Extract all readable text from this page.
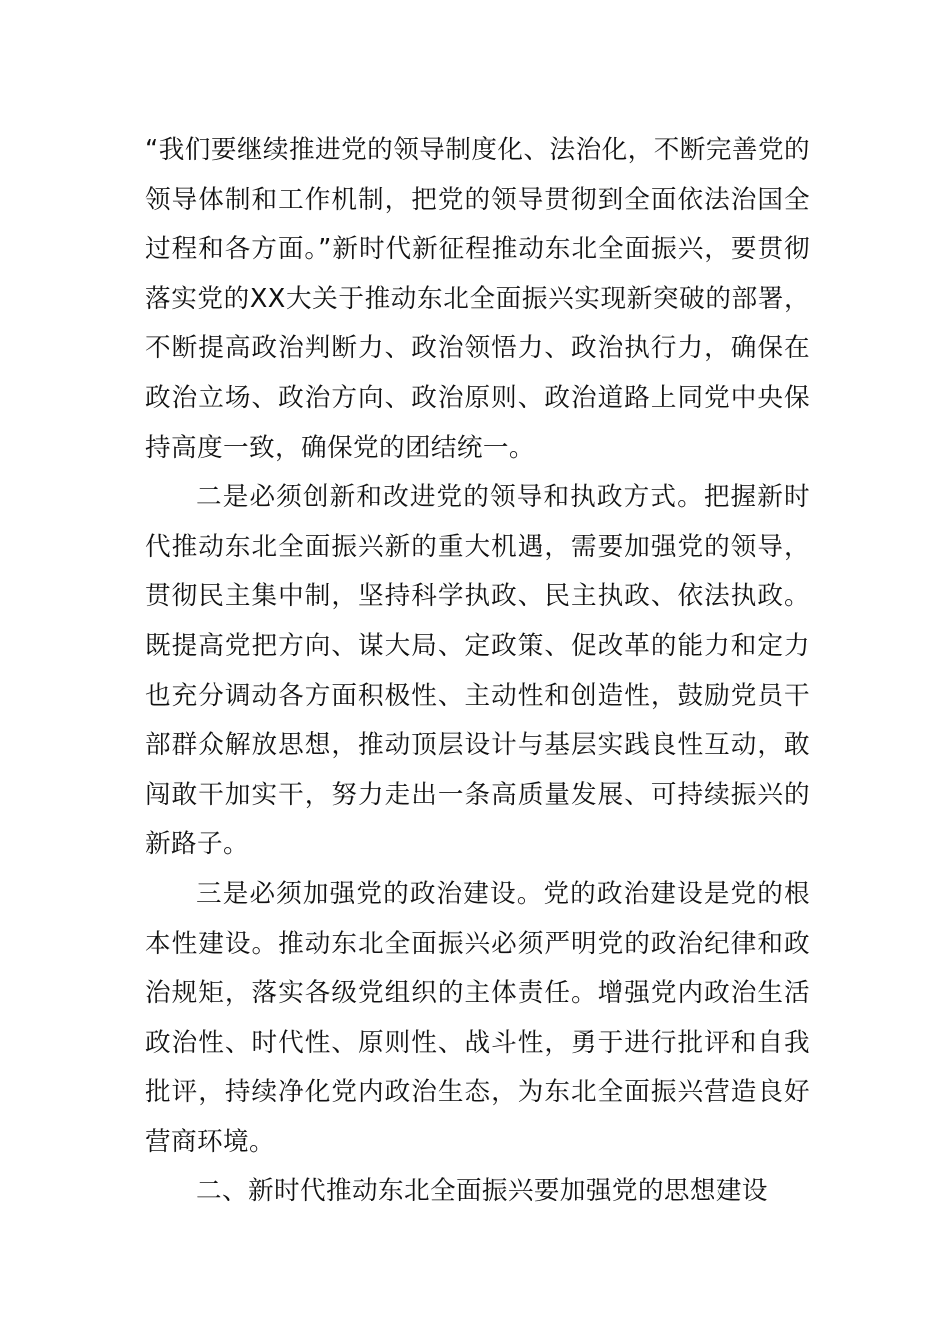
“我们要继续推进党的领导制度化、法治化，不断完善党的领导体制和工作机制，把党的领导贯彻到全面依法治国全过程和各方面。”新时代新征程推动东北全面振兴，要贯彻落实党的XX大关于推动东北全面振兴实现新突破的部署，不断提高政治判断力、政治领悟力、政治执行力，确保在政治立场、政治方向、政治原则、政治道路上同党中央保持高度一致，确保党的团结统一。

二是必须创新和改进党的领导和执政方式。把握新时代推动东北全面振兴新的重大机遇，需要加强党的领导，贯彻民主集中制，坚持科学执政、民主执政、依法执政。既提高党把方向、谋大局、定政策、促改革的能力和定力也充分调动各方面积极性、主动性和创造性，鼓励党员干部群众解放思想，推动顶层设计与基层实践良性互动，敢闯敢干加实干，努力走出一条高质量发展、可持续振兴的新路子。

三是必须加强党的政治建设。党的政治建设是党的根本性建设。推动东北全面振兴必须严明党的政治纪律和政治规矩，落实各级党组织的主体责任。增强党内政治生活政治性、时代性、原则性、战斗性，勇于进行批评和自我批评，持续净化党内政治生态，为东北全面振兴营造良好营商环境。

二、新时代推动东北全面振兴要加强党的思想建设
